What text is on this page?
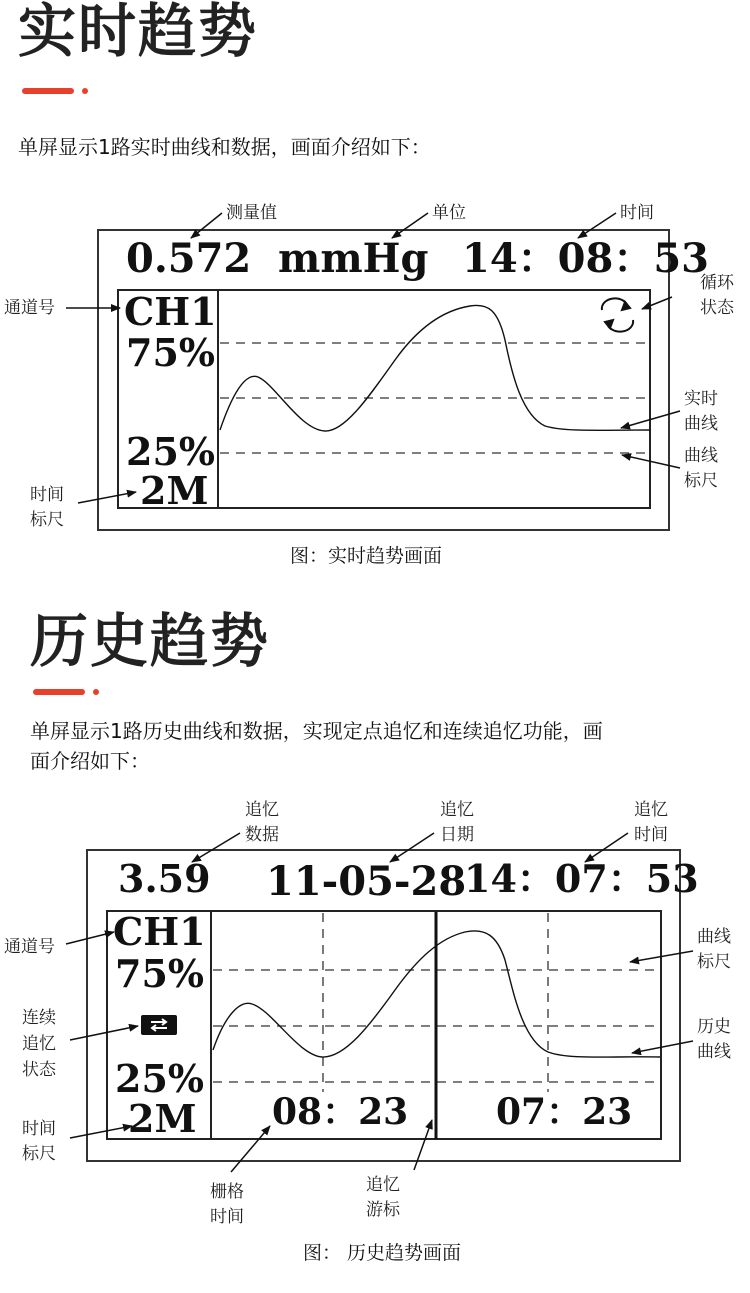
实时趋势
单屏显示1路实时曲线和数据，画面介绍如下：
0.572 mmHg 14：08：53
CH1
75%
25%
2M
测量值	单位	时间
通道号
循环
状态
实时
曲线
曲线
标尺
时间
标尺
图：实时趋势画面
历史趋势
单屏显示1路历史曲线和数据，实现定点追忆和连续追忆功能，画
面介绍如下：
3.59 11-05-28
14：07：53
CH1
75%
25%
2M 08：23 07：23
追忆
数据
追忆
日期
追忆
时间
通道号
连续
追忆
状态
时间
标尺
曲线
标尺
历史
曲线
栅格
时间
追忆
游标
图： 历史趋势画面
